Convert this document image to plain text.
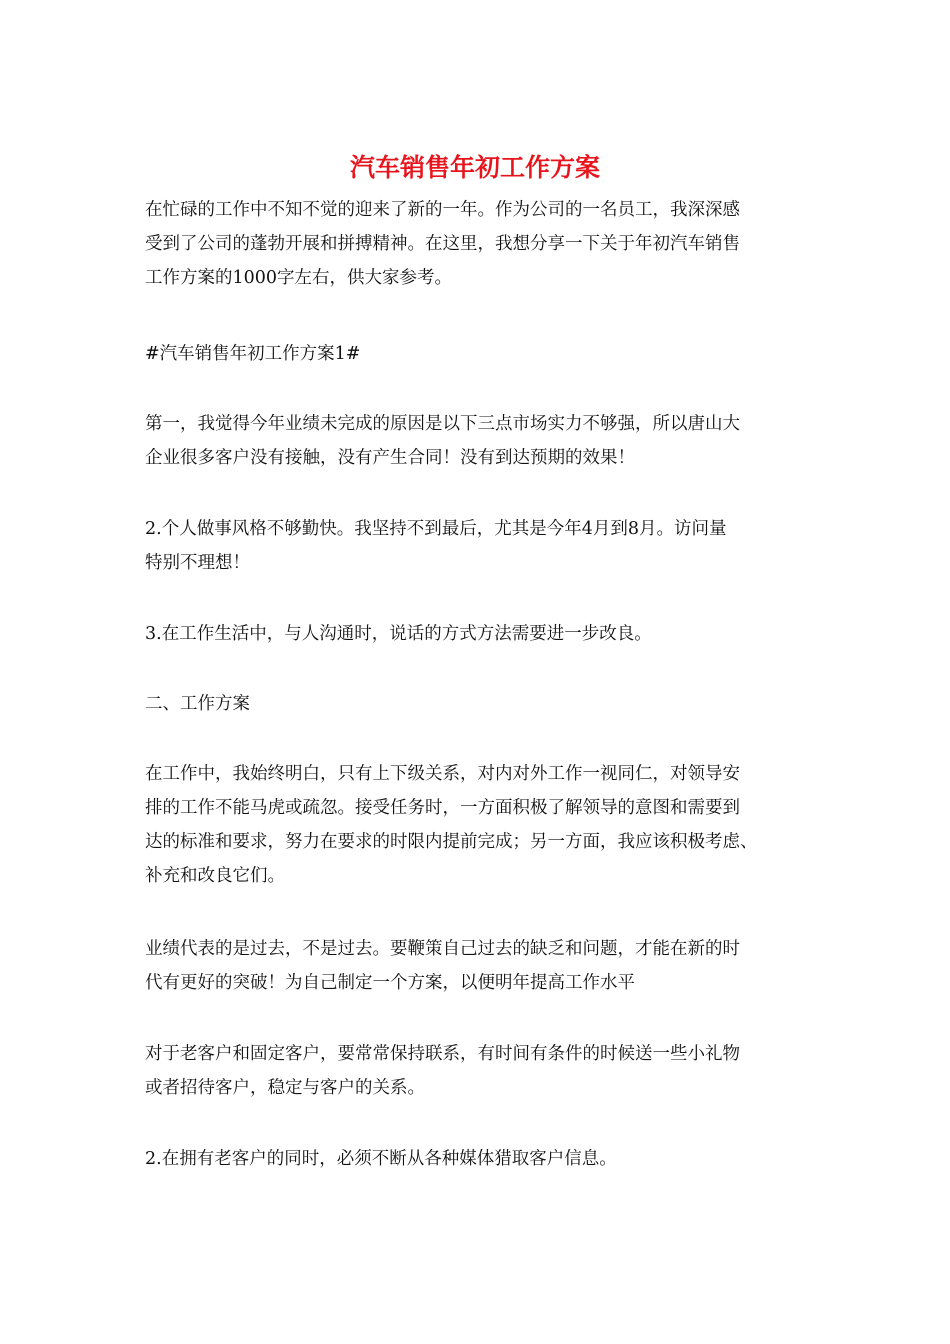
汽车销售年初工作方案

在忙碌的工作中不知不觉的迎来了新的一年。作为公司的一名员工，我深深感
受到了公司的蓬勃开展和拼搏精神。在这里，我想分享一下关于年初汽车销售
工作方案的1000字左右，供大家参考。

#汽车销售年初工作方案1#

第一，我觉得今年业绩未完成的原因是以下三点市场实力不够强，所以唐山大
企业很多客户没有接触，没有产生合同！没有到达预期的效果！

2.个人做事风格不够勤快。我坚持不到最后，尤其是今年4月到8月。访问量
特别不理想！

3.在工作生活中，与人沟通时，说话的方式方法需要进一步改良。

二、工作方案

在工作中，我始终明白，只有上下级关系，对内对外工作一视同仁，对领导安
排的工作不能马虎或疏忽。接受任务时，一方面积极了解领导的意图和需要到
达的标准和要求，努力在要求的时限内提前完成；另一方面，我应该积极考虑、
补充和改良它们。

业绩代表的是过去，不是过去。要鞭策自己过去的缺乏和问题，才能在新的时
代有更好的突破！为自己制定一个方案，以便明年提高工作水平

对于老客户和固定客户，要常常保持联系，有时间有条件的时候送一些小礼物
或者招待客户，稳定与客户的关系。

2.在拥有老客户的同时，必须不断从各种媒体猎取客户信息。
